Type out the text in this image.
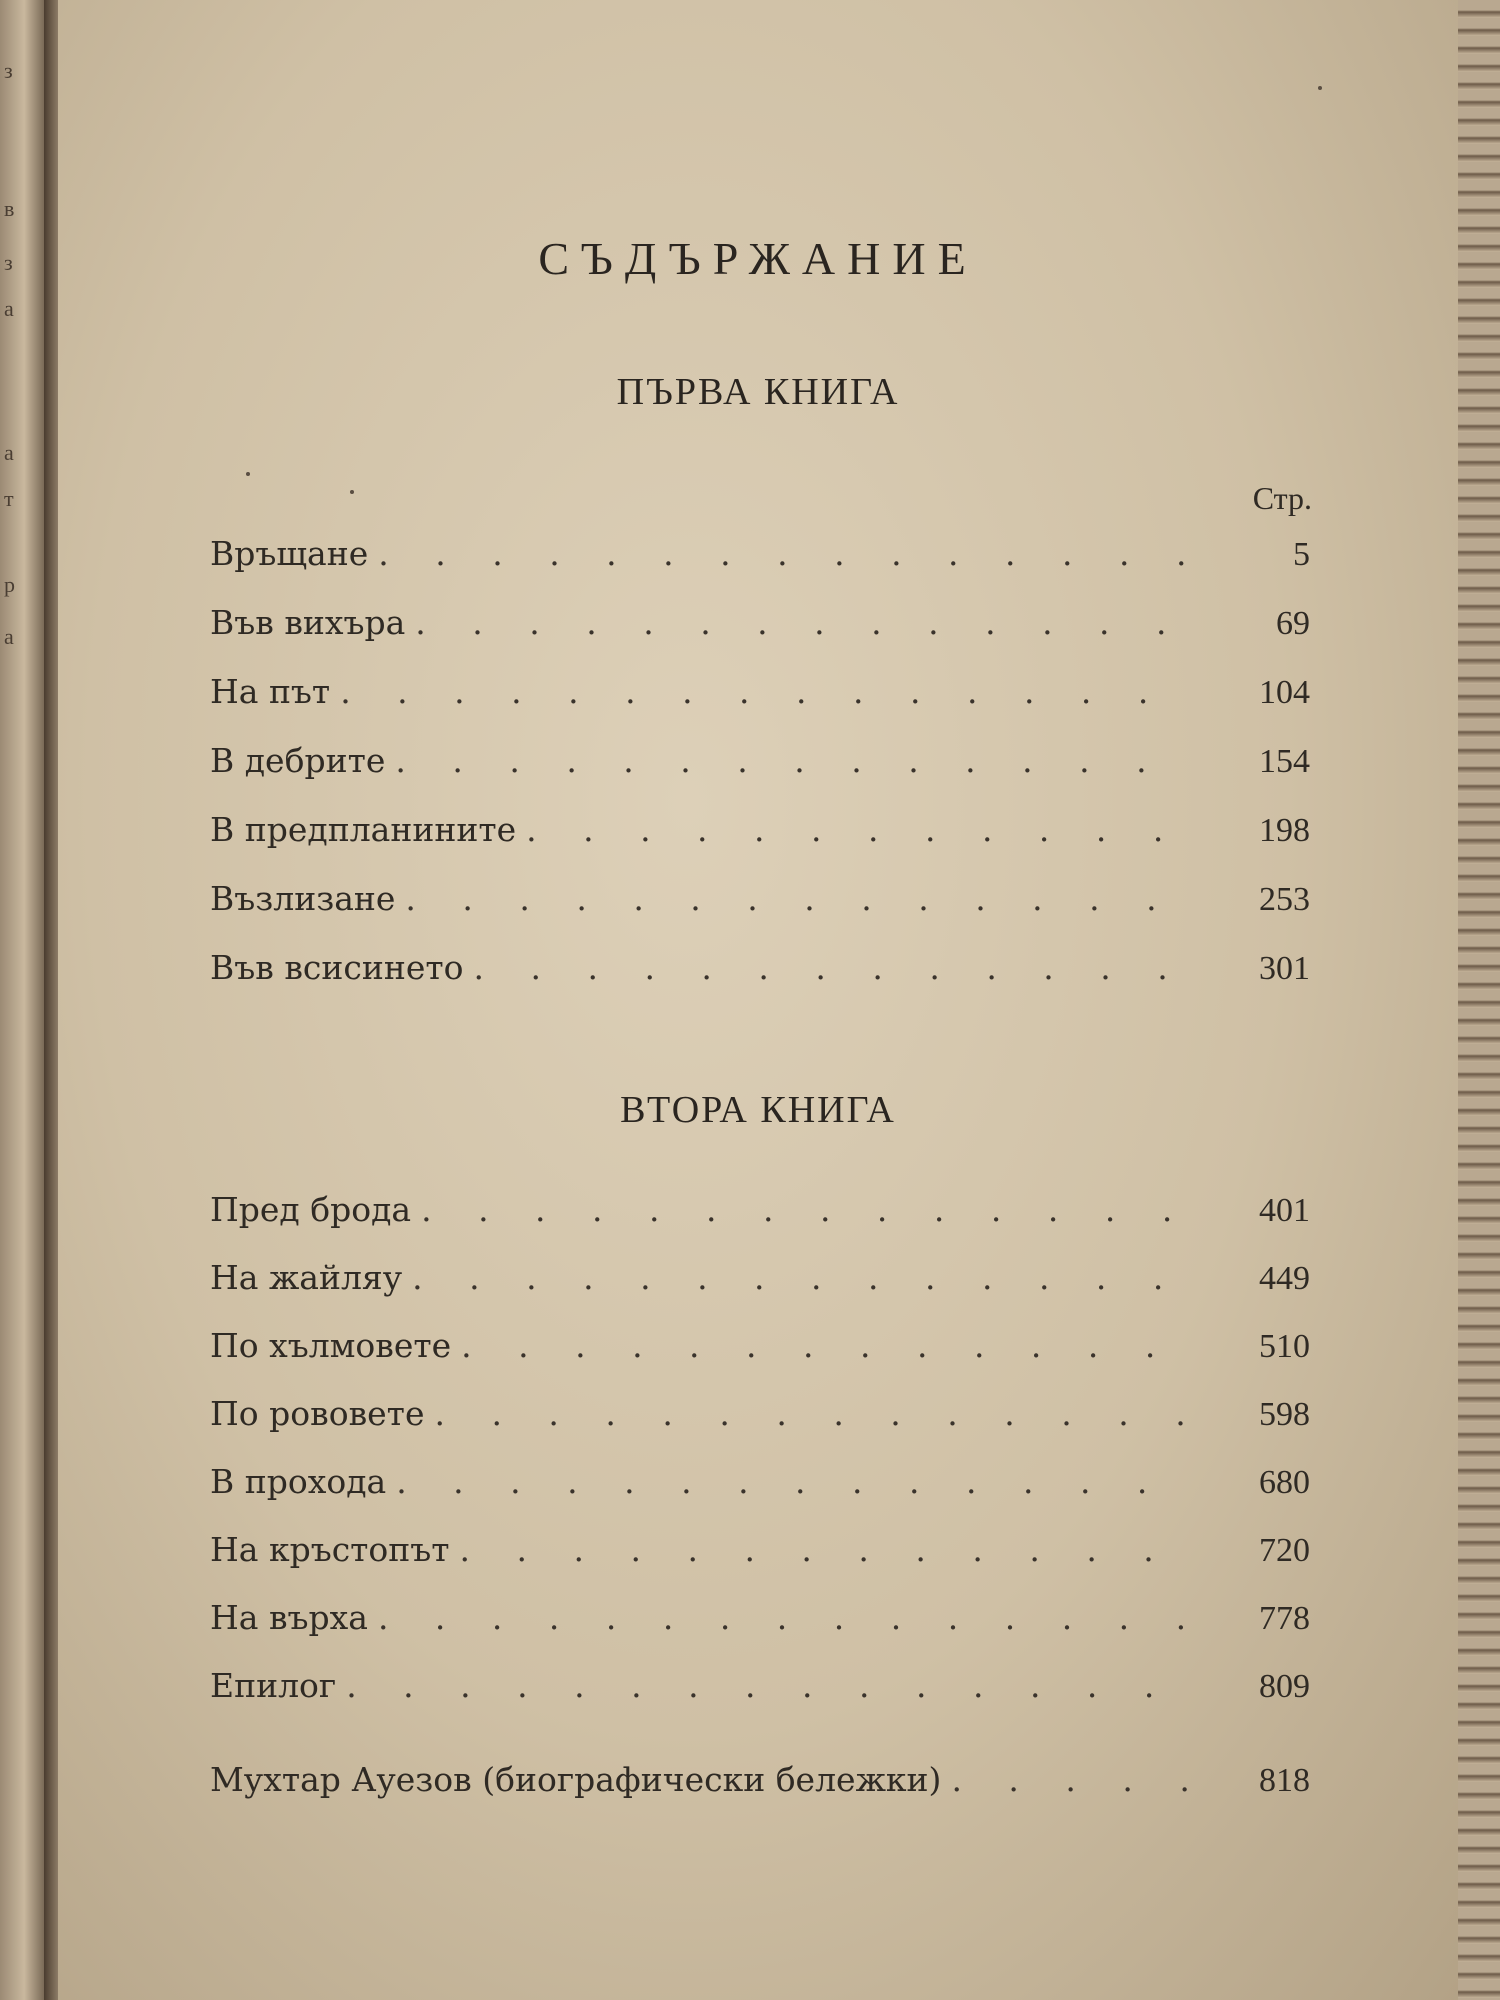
з
в
з
а
а
т
р
а
СЪДЪРЖАНИЕ
ПЪРВА КНИГА
Стр.
Връщане . . .	5
Във вихъра . . .	69
На път . . .	104
В дебрите . . .	154
В предпланините . . .	198
Възлизане . . .	253
Във всисинето . . .	301
ВТОРА КНИГА
Пред брода . . .	401
На жайляу . . .	449
По хълмовете . . .	510
По рововете . . .	598
В прохода . . .	680
На кръстопът . . .	720
На върха . . .	778
Епилог . . .	809
Мухтар Ауезов (биографически бележки) . . .	818
